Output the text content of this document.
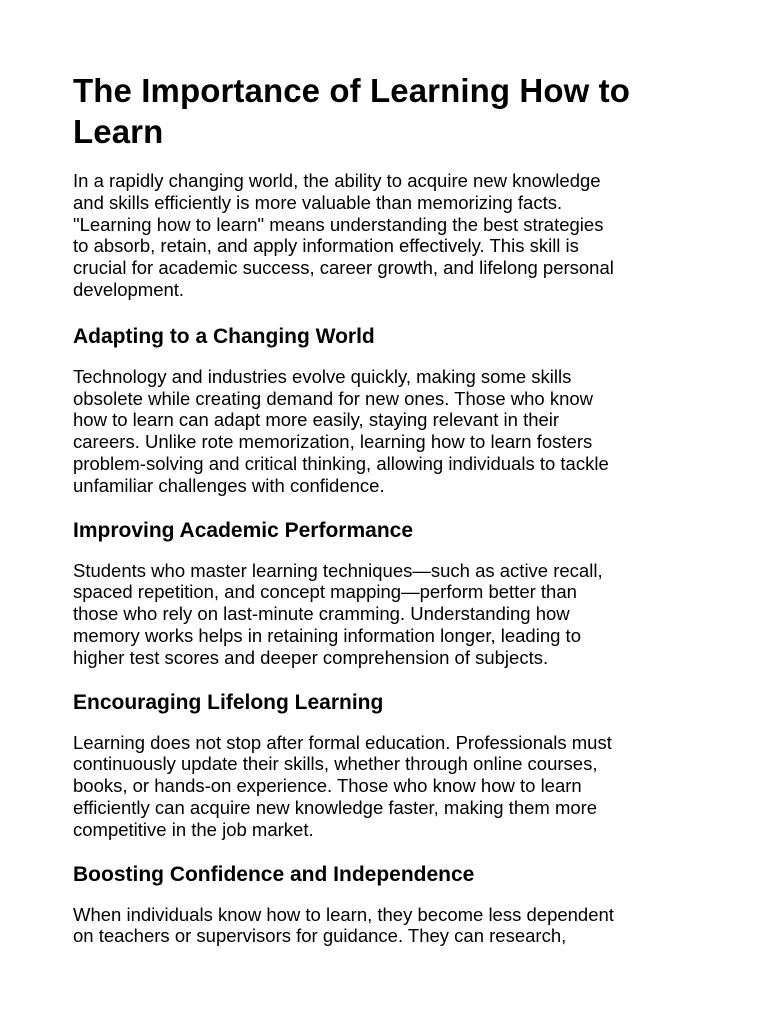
The Importance of Learning How to
Learn

In a rapidly changing world, the ability to acquire new knowledge
and skills efficiently is more valuable than memorizing facts.
"Learning how to learn" means understanding the best strategies
to absorb, retain, and apply information effectively. This skill is
crucial for academic success, career growth, and lifelong personal
development.

Adapting to a Changing World

Technology and industries evolve quickly, making some skills
obsolete while creating demand for new ones. Those who know
how to learn can adapt more easily, staying relevant in their
careers. Unlike rote memorization, learning how to learn fosters
problem-solving and critical thinking, allowing individuals to tackle
unfamiliar challenges with confidence.

Improving Academic Performance

Students who master learning techniques—such as active recall,
spaced repetition, and concept mapping—perform better than
those who rely on last-minute cramming. Understanding how
memory works helps in retaining information longer, leading to
higher test scores and deeper comprehension of subjects.

Encouraging Lifelong Learning

Learning does not stop after formal education. Professionals must
continuously update their skills, whether through online courses,
books, or hands-on experience. Those who know how to learn
efficiently can acquire new knowledge faster, making them more
competitive in the job market.

Boosting Confidence and Independence

When individuals know how to learn, they become less dependent
on teachers or supervisors for guidance. They can research,
